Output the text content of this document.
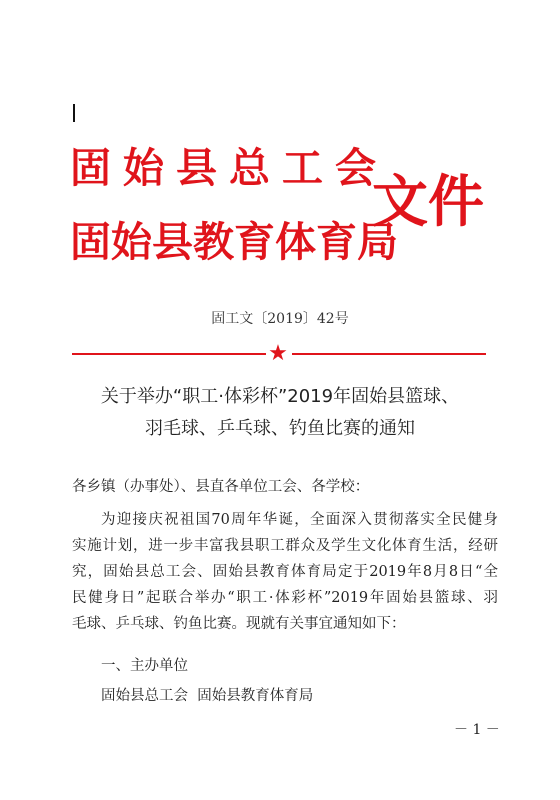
固始县总工会
固始县教育体育局
文件
固工文〔2019〕42号
★
关于举办“职工·体彩杯”2019年固始县篮球、
羽毛球、乒乓球、钓鱼比赛的通知
各乡镇（办事处）、县直各单位工会、各学校：
为迎接庆祝祖国70周年华诞，全面深入贯彻落实全民健身
实施计划，进一步丰富我县职工群众及学生文化体育生活，经研
究，固始县总工会、固始县教育体育局定于2019年8月8日“全
民健身日”起联合举办“职工·体彩杯”2019年固始县篮球、羽
毛球、乒乓球、钓鱼比赛。现就有关事宜通知如下：
一、主办单位
固始县总工会  固始县教育体育局
－ 1 －
